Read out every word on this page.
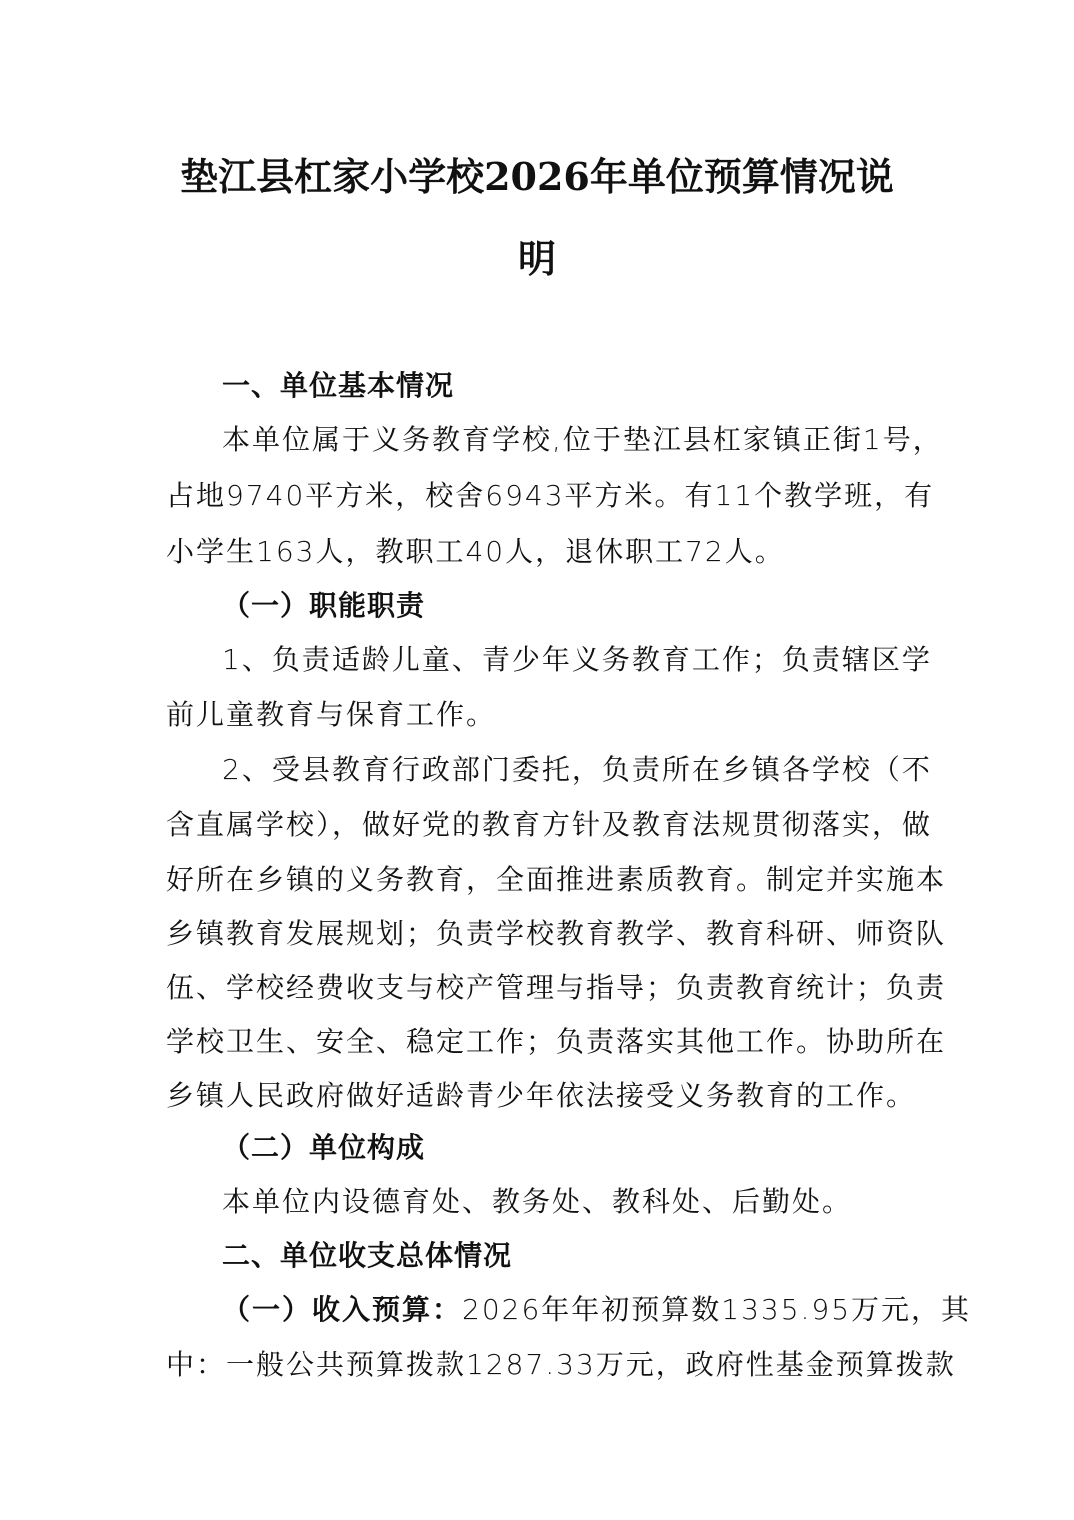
垫江县杠家小学校2026年单位预算情况说
明
一、单位基本情况
本单位属于义务教育学校,位于垫江县杠家镇正街1号，
占地9740平方米，校舍6943平方米。有11个教学班，有
小学生163人，教职工40人，退休职工72人。
（一）职能职责
1、负责适龄儿童、青少年义务教育工作；负责辖区学
前儿童教育与保育工作。
2、受县教育行政部门委托，负责所在乡镇各学校（不
含直属学校），做好党的教育方针及教育法规贯彻落实，做
好所在乡镇的义务教育，全面推进素质教育。制定并实施本
乡镇教育发展规划；负责学校教育教学、教育科研、师资队
伍、学校经费收支与校产管理与指导；负责教育统计；负责
学校卫生、安全、稳定工作；负责落实其他工作。协助所在
乡镇人民政府做好适龄青少年依法接受义务教育的工作。
（二）单位构成
本单位内设德育处、教务处、教科处、后勤处。
二、单位收支总体情况
（一）收入预算：2026年年初预算数1335.95万元，其
中：一般公共预算拨款1287.33万元，政府性基金预算拨款
